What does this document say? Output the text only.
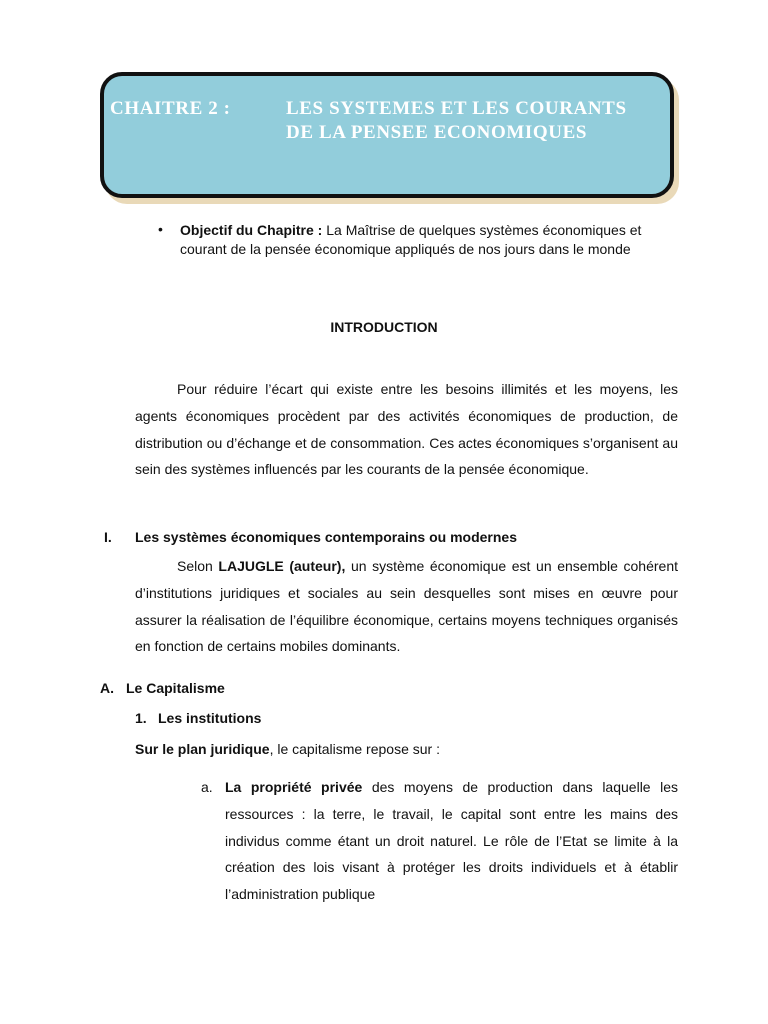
CHAITRE 2 :	LES SYSTEMES ET LES COURANTS
DE LA PENSEE ECONOMIQUES
• Objectif du Chapitre : La Maîtrise de quelques systèmes économiques et courant de la pensée économique appliqués de nos jours dans le monde
INTRODUCTION
Pour réduire l’écart qui existe entre les besoins illimités et les moyens, les agents économiques procèdent par des activités économiques de production, de distribution ou d’échange et de consommation. Ces actes économiques s’organisent au sein des systèmes influencés par les courants de la pensée économique.
I. Les systèmes économiques contemporains ou modernes
Selon LAJUGLE (auteur), un système économique est un ensemble cohérent d’institutions juridiques et sociales au sein desquelles sont mises en œuvre pour assurer la réalisation de l’équilibre économique, certains moyens techniques organisés en fonction de certains mobiles dominants.
A. Le Capitalisme
1. Les institutions
Sur le plan juridique, le capitalisme repose sur :
a. La propriété privée des moyens de production dans laquelle les ressources : la terre, le travail, le capital sont entre les mains des individus comme étant un droit naturel. Le rôle de l’Etat se limite à la création des lois visant à protéger les droits individuels et à établir l’administration publique
